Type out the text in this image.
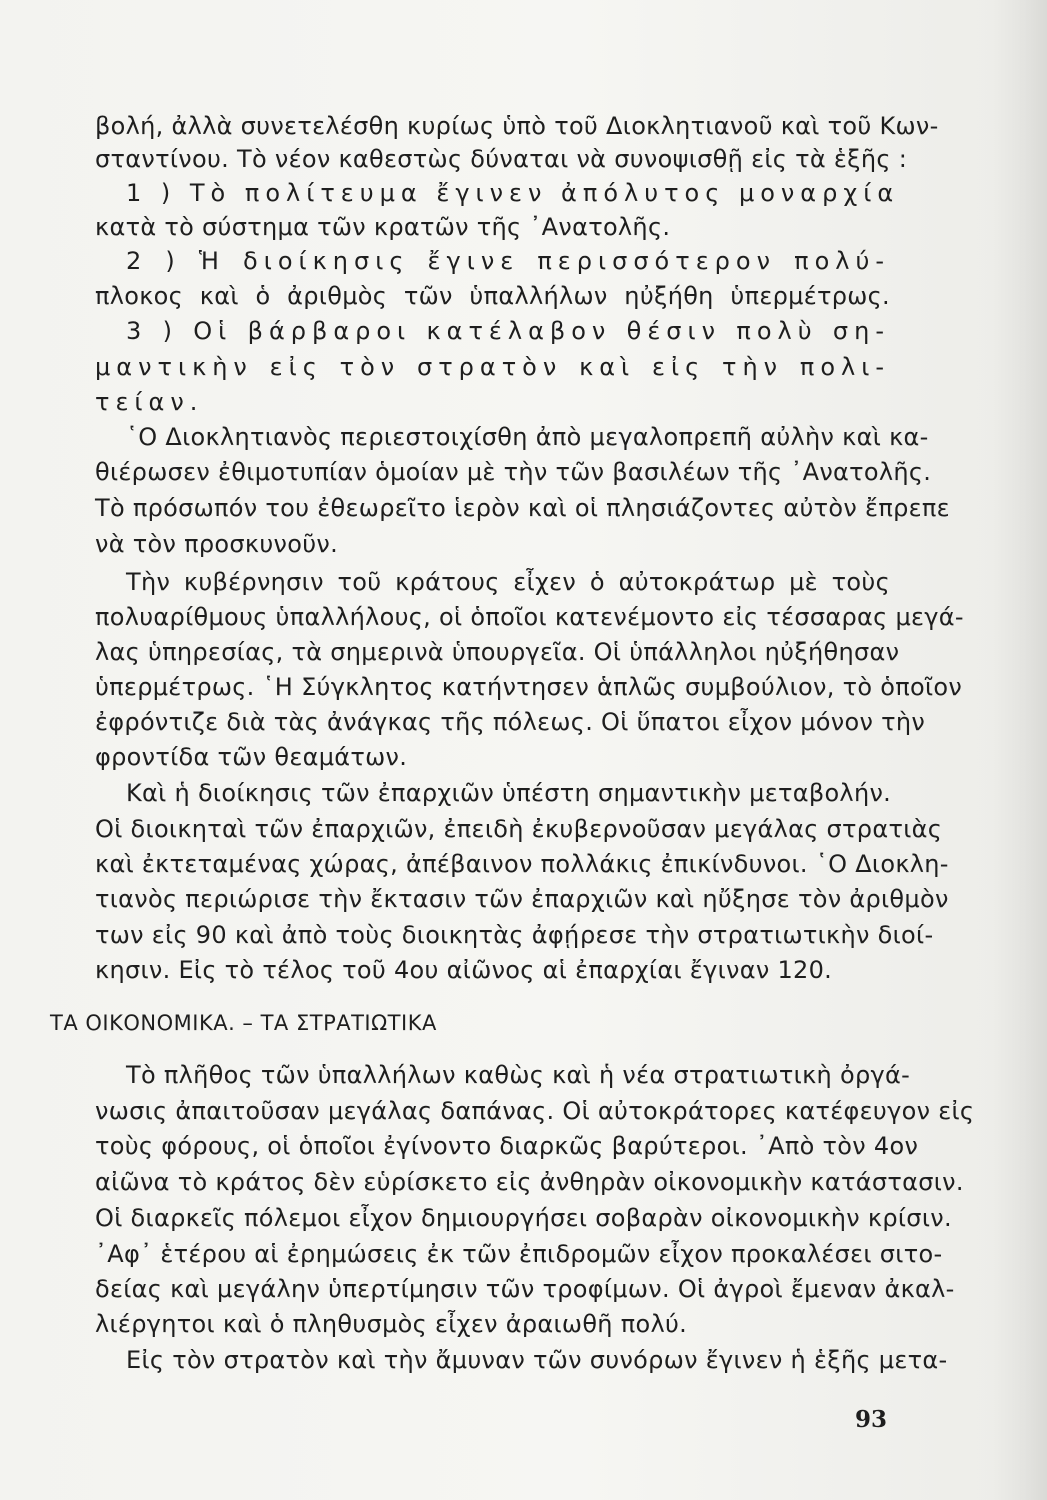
βολή, ἀλλὰ συνετελέσθη κυρίως ὑπὸ τοῦ Διοκλητιανοῦ καὶ τοῦ Κων-
σταντίνου. Τὸ νέον καθεστὼς δύναται νὰ συνοψισθῇ εἰς τὰ ἑξῆς :
1 ) Τὸ πολίτευμα ἔγινεν ἀπόλυτος μοναρχία
κατὰ τὸ σύστημα τῶν κρατῶν τῆς ᾿Ανατολῆς.
2 ) Ἡ διοίκησις ἔγινε περισσότερον πολύ-
πλοκος καὶ ὁ ἀριθμὸς τῶν ὑπαλλήλων ηὐξήθη ὑπερμέτρως.
3 ) Οἱ βάρβαροι κατέλαβον θέσιν πολὺ ση-
μαντικὴν εἰς τὸν στρατὸν καὶ εἰς τὴν πολι-
τείαν.
῾Ο Διοκλητιανὸς περιεστοιχίσθη ἀπὸ μεγαλοπρεπῆ αὐλὴν καὶ κα-
θιέρωσεν ἐθιμοτυπίαν ὁμοίαν μὲ τὴν τῶν βασιλέων τῆς ᾿Ανατολῆς.
Τὸ πρόσωπόν του ἐθεωρεῖτο ἱερὸν καὶ οἱ πλησιάζοντες αὐτὸν ἔπρεπε
νὰ τὸν προσκυνοῦν.
Τὴν κυβέρνησιν τοῦ κράτους εἶχεν ὁ αὐτοκράτωρ μὲ τοὺς
πολυαρίθμους ὑπαλλήλους, οἱ ὁποῖοι κατενέμοντο εἰς τέσσαρας μεγά-
λας ὑπηρεσίας, τὰ σημερινὰ ὑπουργεῖα. Οἱ ὑπάλληλοι ηὐξήθησαν
ὑπερμέτρως. ῾Η Σύγκλητος κατήντησεν ἁπλῶς συμβούλιον, τὸ ὁποῖον
ἐφρόντιζε διὰ τὰς ἀνάγκας τῆς πόλεως. Οἱ ὕπατοι εἶχον μόνον τὴν
φροντίδα τῶν θεαμάτων.
Καὶ ἡ διοίκησις τῶν ἐπαρχιῶν ὑπέστη σημαντικὴν μεταβολήν.
Οἱ διοικηταὶ τῶν ἐπαρχιῶν, ἐπειδὴ ἐκυβερνοῦσαν μεγάλας στρατιὰς
καὶ ἐκτεταμένας χώρας, ἀπέβαινον πολλάκις ἐπικίνδυνοι. ῾Ο Διοκλη-
τιανὸς περιώρισε τὴν ἔκτασιν τῶν ἐπαρχιῶν καὶ ηὔξησε τὸν ἀριθμὸν
των εἰς 90 καὶ ἀπὸ τοὺς διοικητὰς ἀφῄρεσε τὴν στρατιωτικὴν διοί-
κησιν. Εἰς τὸ τέλος τοῦ 4ου αἰῶνος αἱ ἐπαρχίαι ἔγιναν 120.
ΤΑ ΟΙΚΟΝΟΜΙΚΑ. – ΤΑ ΣΤΡΑΤΙΩΤΙΚΑ
Τὸ πλῆθος τῶν ὑπαλλήλων καθὼς καὶ ἡ νέα στρατιωτικὴ ὀργά-
νωσις ἀπαιτοῦσαν μεγάλας δαπάνας. Οἱ αὐτοκράτορες κατέφευγον εἰς
τοὺς φόρους, οἱ ὁποῖοι ἐγίνοντο διαρκῶς βαρύτεροι. ᾿Απὸ τὸν 4ον
αἰῶνα τὸ κράτος δὲν εὑρίσκετο εἰς ἀνθηρὰν οἰκονομικὴν κατάστασιν.
Οἱ διαρκεῖς πόλεμοι εἶχον δημιουργήσει σοβαρὰν οἰκονομικὴν κρίσιν.
᾿Αφ᾿ ἑτέρου αἱ ἐρημώσεις ἐκ τῶν ἐπιδρομῶν εἶχον προκαλέσει σιτο-
δείας καὶ μεγάλην ὑπερτίμησιν τῶν τροφίμων. Οἱ ἀγροὶ ἔμεναν ἀκαλ-
λιέργητοι καὶ ὁ πληθυσμὸς εἶχεν ἀραιωθῆ πολύ.
Εἰς τὸν στρατὸν καὶ τὴν ἄμυναν τῶν συνόρων ἔγινεν ἡ ἑξῆς μετα-
93
